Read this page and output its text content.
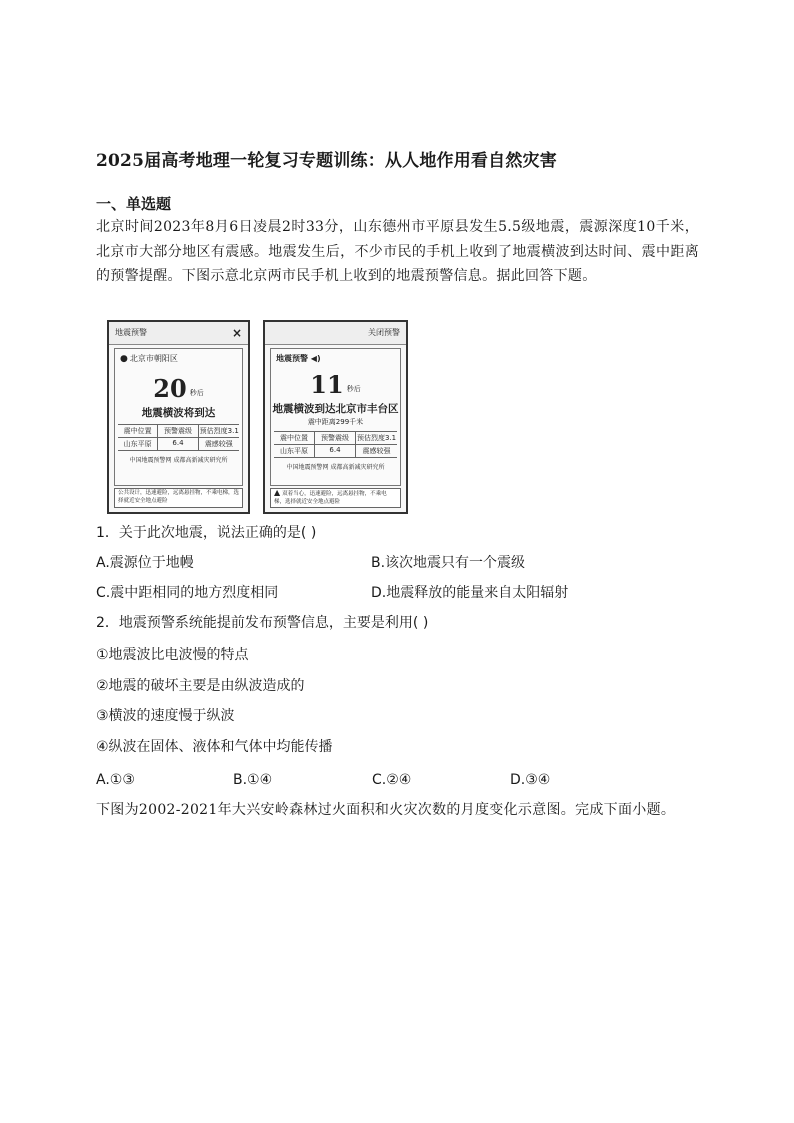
2025届高考地理一轮复习专题训练：从人地作用看自然灾害
一、单选题
北京时间2023年8月6日凌晨2时33分，山东德州市平原县发生5.5级地震，震源深度10千米，北京市大部分地区有震感。地震发生后，不少市民的手机上收到了地震横波到达时间、震中距离的预警提醒。下图示意北京两市民手机上收到的地震预警信息。据此回答下题。
地震预警	×
● 北京市朝阳区
20 秒后
地震横波将到达
震中位置	预警震级	预估烈度3.1
山东平原	6.4	震感较强
中国地震预警网 成都高新减灾研究所
公共设计，迅速避险，远离悬挂物，不乘电梯，选择就近安全地点避险
关闭预警
地震预警 ◀)
11 秒后
地震横波到达北京市丰台区
震中距离299千米
震中位置	预警震级	预估烈度3.1
山东平原	6.4	震感较强
中国地震预警网 成都高新减灾研究所
▲ 双着当心，迅速避险，远离悬挂物，不乘电梯，选择就近安全地点避险
1．关于此次地震，说法正确的是( )
A.震源位于地幔	B.该次地震只有一个震级
C.震中距相同的地方烈度相同	D.地震释放的能量来自太阳辐射
2．地震预警系统能提前发布预警信息，主要是利用( )
①地震波比电波慢的特点
②地震的破坏主要是由纵波造成的
③横波的速度慢于纵波
④纵波在固体、液体和气体中均能传播
A.①③	B.①④	C.②④	D.③④
下图为2002-2021年大兴安岭森林过火面积和火灾次数的月度变化示意图。完成下面小题。
